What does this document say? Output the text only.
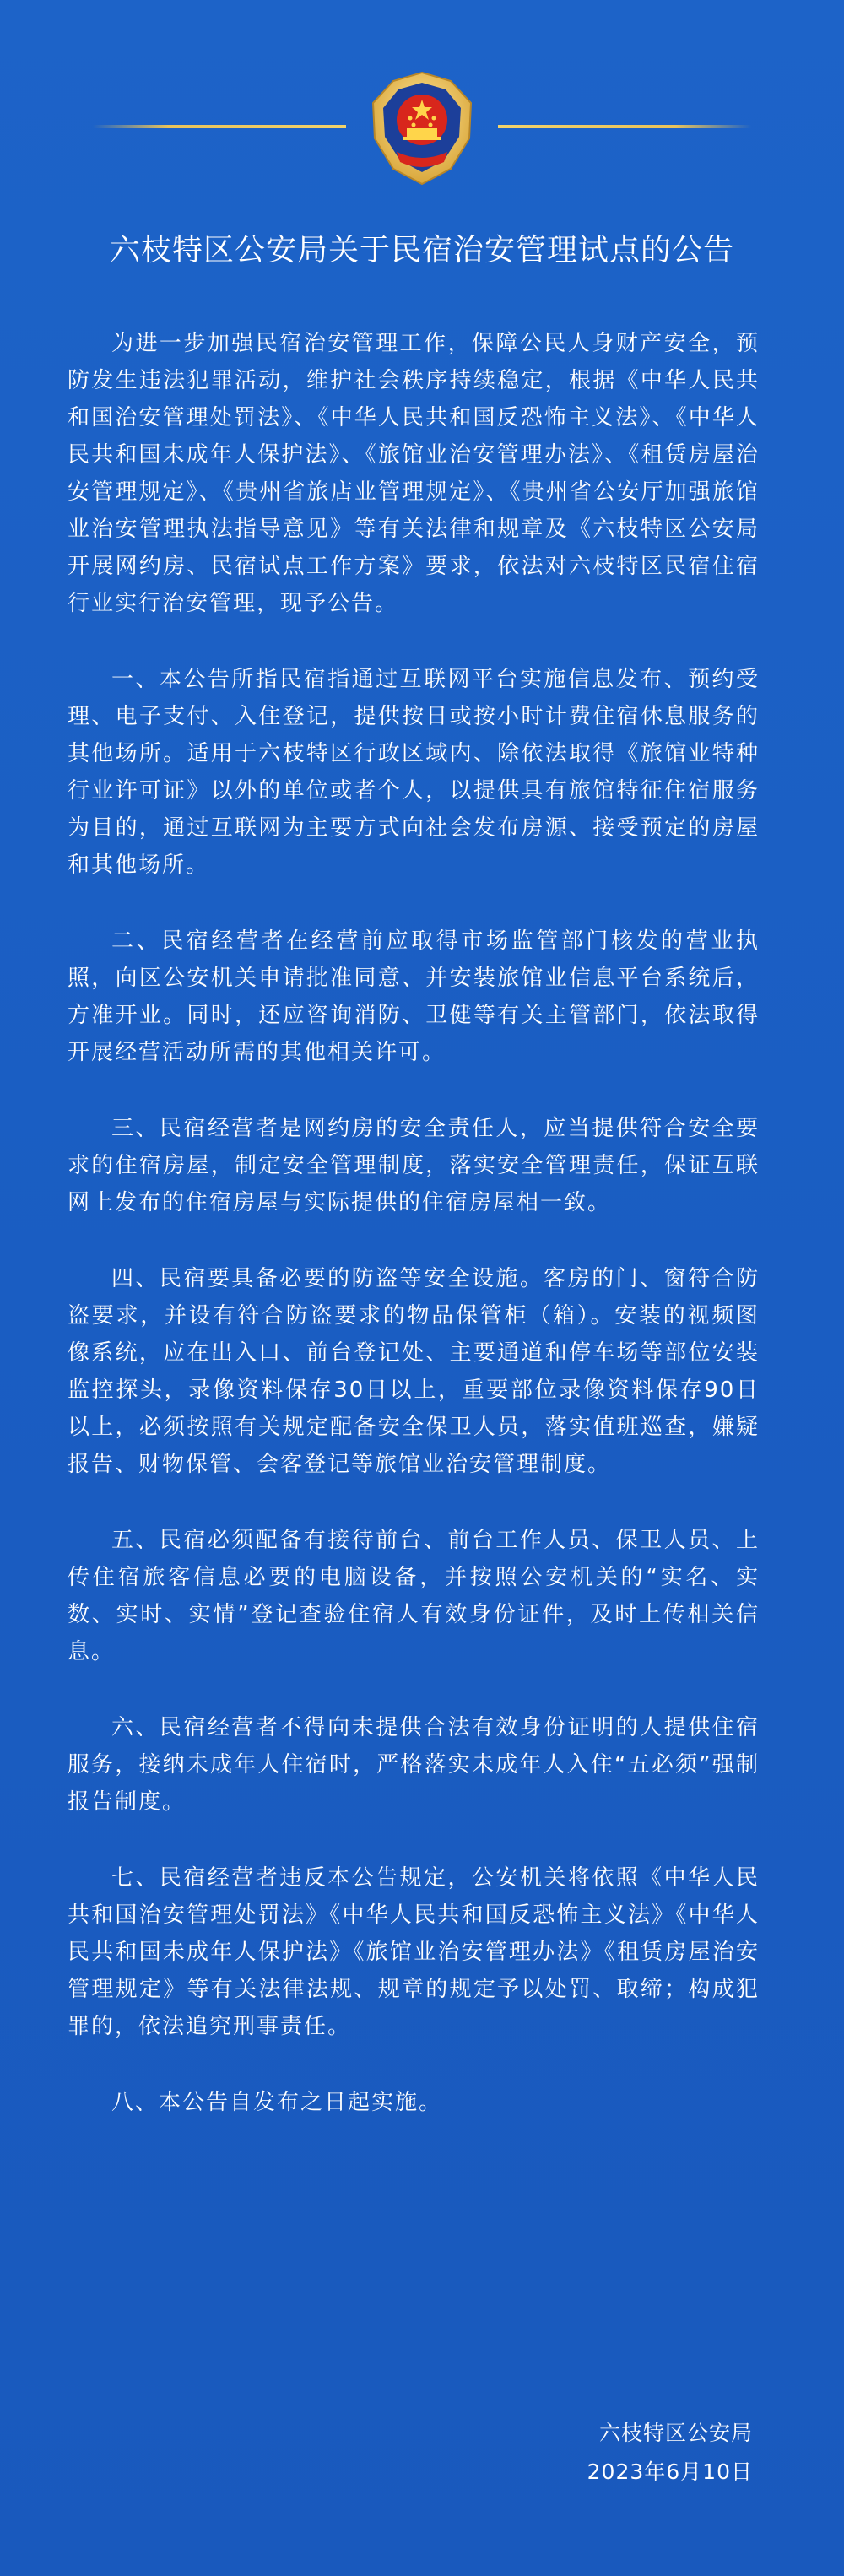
六枝特区公安局关于民宿治安管理试点的公告

为进一步加强民宿治安管理工作，保障公民人身财产安全，预防发生违法犯罪活动，维护社会秩序持续稳定，根据《中华人民共和国治安管理处罚法》、《中华人民共和国反恐怖主义法》、《中华人民共和国未成年人保护法》、《旅馆业治安管理办法》、《租赁房屋治安管理规定》、《贵州省旅店业管理规定》、《贵州省公安厅加强旅馆业治安管理执法指导意见》等有关法律和规章及《六枝特区公安局开展网约房、民宿试点工作方案》要求，依法对六枝特区民宿住宿行业实行治安管理，现予公告。

一、本公告所指民宿指通过互联网平台实施信息发布、预约受理、电子支付、入住登记，提供按日或按小时计费住宿休息服务的其他场所。适用于六枝特区行政区域内、除依法取得《旅馆业特种行业许可证》以外的单位或者个人，以提供具有旅馆特征住宿服务为目的，通过互联网为主要方式向社会发布房源、接受预定的房屋和其他场所。

二、民宿经营者在经营前应取得市场监管部门核发的营业执照，向区公安机关申请批准同意、并安装旅馆业信息平台系统后，方准开业。同时，还应咨询消防、卫健等有关主管部门，依法取得开展经营活动所需的其他相关许可。

三、民宿经营者是网约房的安全责任人，应当提供符合安全要求的住宿房屋，制定安全管理制度，落实安全管理责任，保证互联网上发布的住宿房屋与实际提供的住宿房屋相一致。

四、民宿要具备必要的防盗等安全设施。客房的门、窗符合防盗要求，并设有符合防盗要求的物品保管柜（箱）。安装的视频图像系统，应在出入口、前台登记处、主要通道和停车场等部位安装监控探头，录像资料保存30日以上，重要部位录像资料保存90日以上，必须按照有关规定配备安全保卫人员，落实值班巡查，嫌疑报告、财物保管、会客登记等旅馆业治安管理制度。

五、民宿必须配备有接待前台、前台工作人员、保卫人员、上传住宿旅客信息必要的电脑设备，并按照公安机关的“实名、实数、实时、实情”登记查验住宿人有效身份证件，及时上传相关信息。

六、民宿经营者不得向未提供合法有效身份证明的人提供住宿服务，接纳未成年人住宿时，严格落实未成年人入住“五必须”强制报告制度。

七、民宿经营者违反本公告规定，公安机关将依照《中华人民共和国治安管理处罚法》《中华人民共和国反恐怖主义法》《中华人民共和国未成年人保护法》《旅馆业治安管理办法》《租赁房屋治安管理规定》等有关法律法规、规章的规定予以处罚、取缔；构成犯罪的，依法追究刑事责任。

八、本公告自发布之日起实施。

六枝特区公安局
2023年6月10日
